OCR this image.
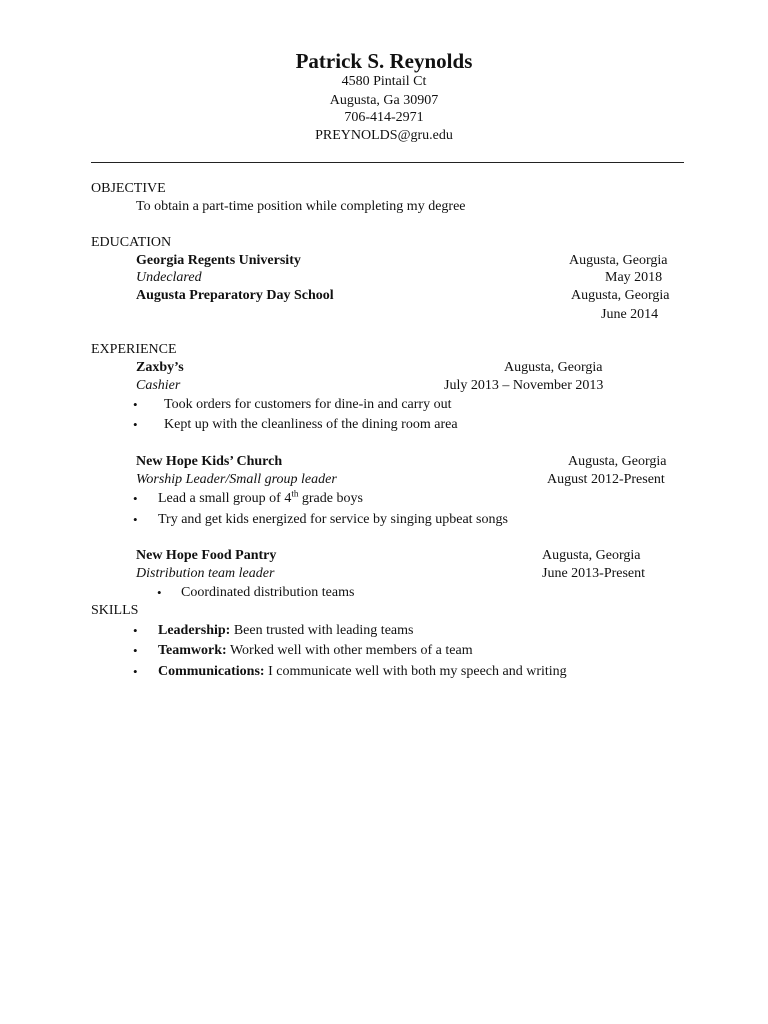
Patrick S. Reynolds
4580 Pintail Ct
Augusta, Ga 30907
706-414-2971
PREYNOLDS@gru.edu
OBJECTIVE
To obtain a part-time position while completing my degree
EDUCATION
Georgia Regents University	Augusta, Georgia
Undeclared	May 2018
Augusta Preparatory Day School	Augusta, Georgia
June 2014
EXPERIENCE
Zaxby’s	Augusta, Georgia
Cashier	July 2013 – November 2013
• Took orders for customers for dine-in and carry out
• Kept up with the cleanliness of the dining room area
New Hope Kids’ Church	Augusta, Georgia
Worship Leader/Small group leader	August 2012-Present
• Lead a small group of 4th grade boys
• Try and get kids energized for service by singing upbeat songs
New Hope Food Pantry	Augusta, Georgia
Distribution team leader	June 2013-Present
• Coordinated distribution teams
SKILLS
• Leadership: Been trusted with leading teams
• Teamwork: Worked well with other members of a team
• Communications: I communicate well with both my speech and writing
